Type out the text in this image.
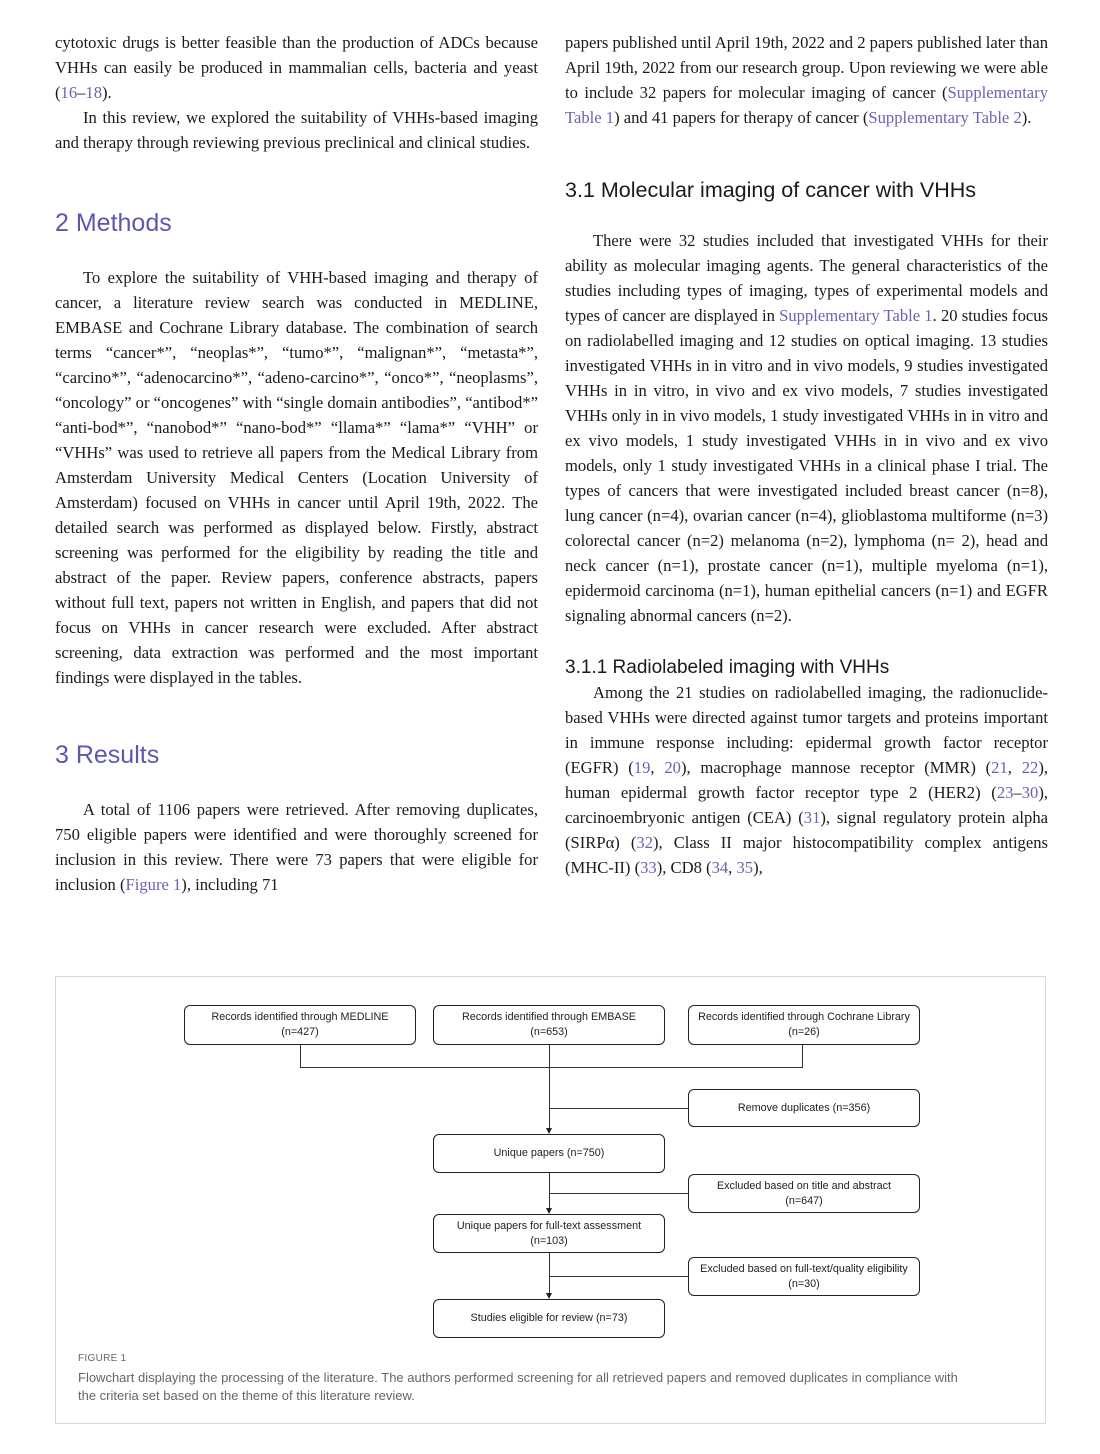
cytotoxic drugs is better feasible than the production of ADCs because VHHs can easily be produced in mammalian cells, bacteria and yeast (16–18).

In this review, we explored the suitability of VHHs-based imaging and therapy through reviewing previous preclinical and clinical studies.

2 Methods

To explore the suitability of VHH-based imaging and therapy of cancer, a literature review search was conducted in MEDLINE, EMBASE and Cochrane Library database. The combination of search terms “cancer*”, “neoplas*”, “tumo*”, “malignan*”, “metasta*”, “carcino*”, “adenocarcino*”, “adeno-carcino*”, “onco*”, “neoplasms”, “oncology” or “oncogenes” with “single domain antibodies”, “antibod*” “anti-bod*”, “nanobod*” “nano-bod*” “llama*” “lama*” “VHH” or “VHHs” was used to retrieve all papers from the Medical Library from Amsterdam University Medical Centers (Location University of Amsterdam) focused on VHHs in cancer until April 19th, 2022. The detailed search was performed as displayed below. Firstly, abstract screening was performed for the eligibility by reading the title and abstract of the paper. Review papers, conference abstracts, papers without full text, papers not written in English, and papers that did not focus on VHHs in cancer research were excluded. After abstract screening, data extraction was performed and the most important findings were displayed in the tables.

3 Results

A total of 1106 papers were retrieved. After removing duplicates, 750 eligible papers were identified and were thoroughly screened for inclusion in this review. There were 73 papers that were eligible for inclusion (Figure 1), including 71

papers published until April 19th, 2022 and 2 papers published later than April 19th, 2022 from our research group. Upon reviewing we were able to include 32 papers for molecular imaging of cancer (Supplementary Table 1) and 41 papers for therapy of cancer (Supplementary Table 2).

3.1 Molecular imaging of cancer with VHHs

There were 32 studies included that investigated VHHs for their ability as molecular imaging agents. The general characteristics of the studies including types of imaging, types of experimental models and types of cancer are displayed in Supplementary Table 1. 20 studies focus on radiolabelled imaging and 12 studies on optical imaging. 13 studies investigated VHHs in in vitro and in vivo models, 9 studies investigated VHHs in in vitro, in vivo and ex vivo models, 7 studies investigated VHHs only in in vivo models, 1 study investigated VHHs in in vitro and ex vivo models, 1 study investigated VHHs in in vivo and ex vivo models, only 1 study investigated VHHs in a clinical phase I trial. The types of cancers that were investigated included breast cancer (n=8), lung cancer (n=4), ovarian cancer (n=4), glioblastoma multiforme (n=3) colorectal cancer (n=2) melanoma (n=2), lymphoma (n= 2), head and neck cancer (n=1), prostate cancer (n=1), multiple myeloma (n=1), epidermoid carcinoma (n=1), human epithelial cancers (n=1) and EGFR signaling abnormal cancers (n=2).

3.1.1 Radiolabeled imaging with VHHs

Among the 21 studies on radiolabelled imaging, the radionuclide-based VHHs were directed against tumor targets and proteins important in immune response including: epidermal growth factor receptor (EGFR) (19, 20), macrophage mannose receptor (MMR) (21, 22), human epidermal growth factor receptor type 2 (HER2) (23–30), carcinoembryonic antigen (CEA) (31), signal regulatory protein alpha (SIRPα) (32), Class II major histocompatibility complex antigens (MHC-II) (33), CD8 (34, 35),

Records identified through MEDLINE (n=427)
Records identified through EMBASE (n=653)
Records identified through Cochrane Library (n=26)
Remove duplicates (n=356)
Unique papers (n=750)
Excluded based on title and abstract (n=647)
Unique papers for full-text assessment (n=103)
Excluded based on full-text/quality eligibility (n=30)
Studies eligible for review (n=73)
FIGURE 1
Flowchart displaying the processing of the literature. The authors performed screening for all retrieved papers and removed duplicates in compliance with the criteria set based on the theme of this literature review.
